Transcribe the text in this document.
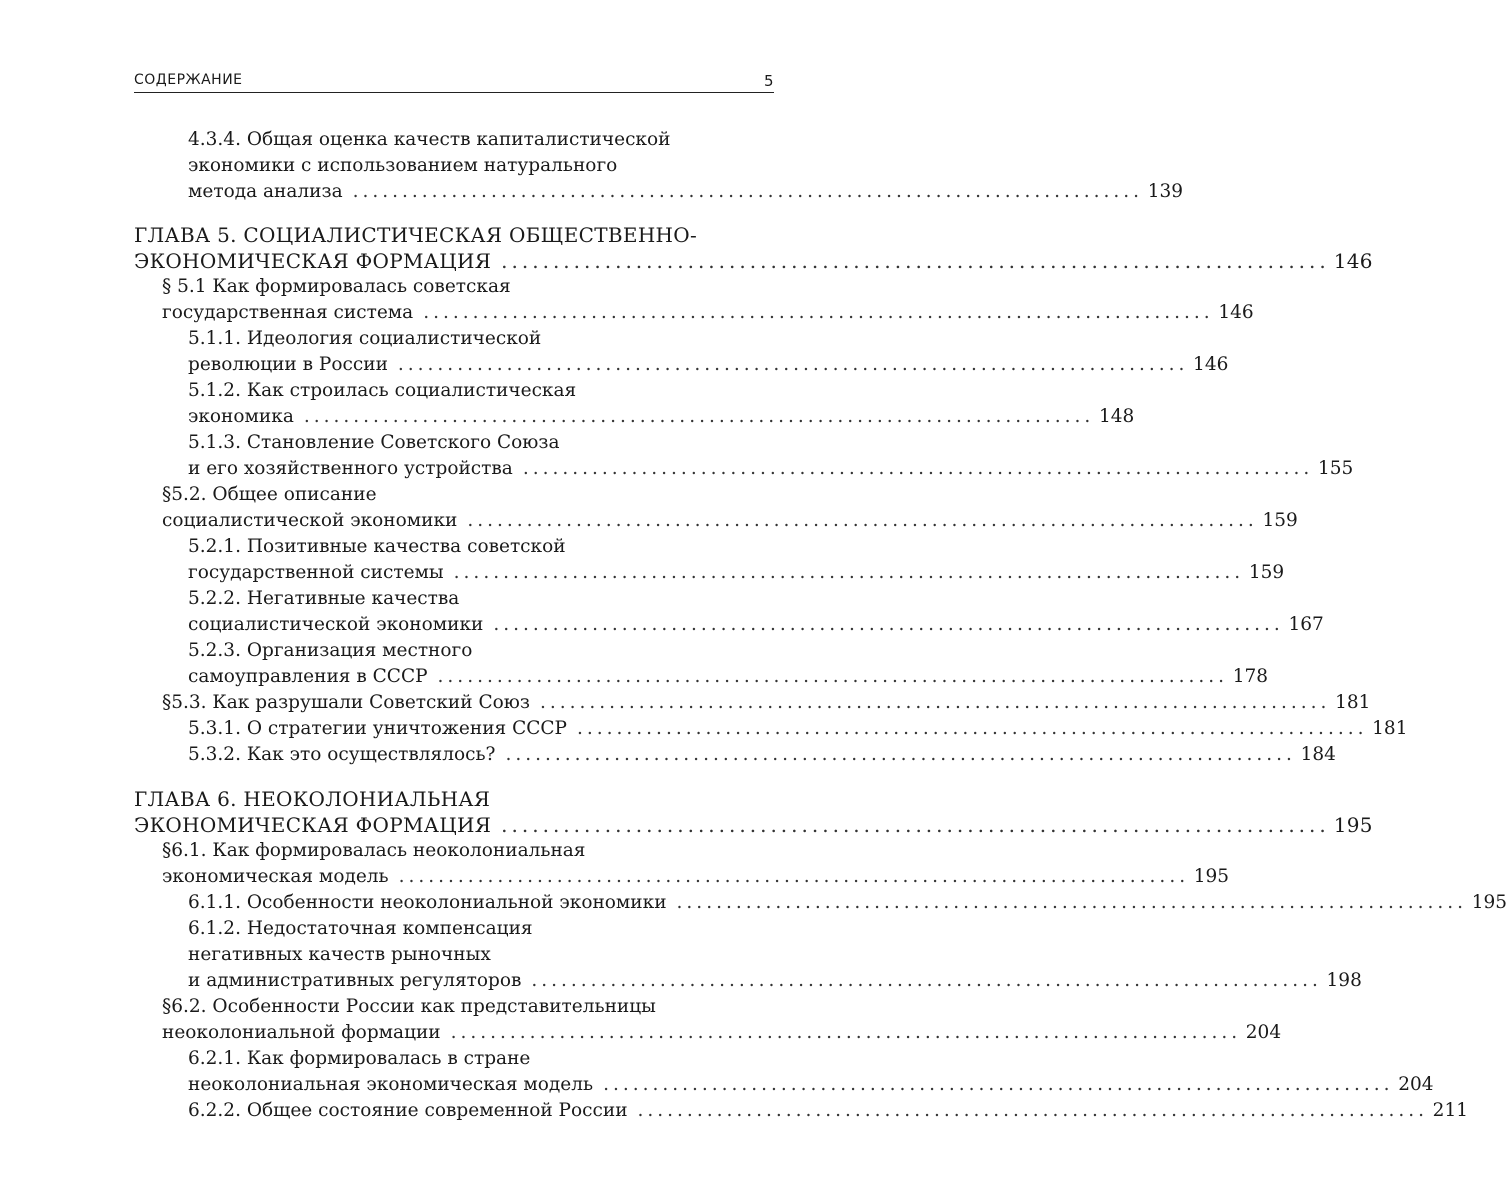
СОДЕРЖАНИЕ	5
4.3.4. Общая оценка качеств капиталистической
экономики с использованием натурального
метода анализа ................................................................................ 139
ГЛАВА 5. СОЦИАЛИСТИЧЕСКАЯ ОБЩЕСТВЕННО-
ЭКОНОМИЧЕСКАЯ ФОРМАЦИЯ ................................................................................ 146
§ 5.1 Как формировалась советская
государственная система ................................................................................ 146
5.1.1. Идеология социалистической
революции в России ................................................................................ 146
5.1.2. Как строилась социалистическая
экономика ................................................................................ 148
5.1.3. Становление Советского Союза
и его хозяйственного устройства ................................................................................ 155
§5.2. Общее описание
социалистической экономики ................................................................................ 159
5.2.1. Позитивные качества советской
государственной системы ................................................................................ 159
5.2.2. Негативные качества
социалистической экономики ................................................................................ 167
5.2.3. Организация местного
самоуправления в СССР ................................................................................ 178
§5.3. Как разрушали Советский Союз ................................................................................ 181
5.3.1. О стратегии уничтожения СССР ................................................................................ 181
5.3.2. Как это осуществлялось? ................................................................................ 184
ГЛАВА 6. НЕОКОЛОНИАЛЬНАЯ
ЭКОНОМИЧЕСКАЯ ФОРМАЦИЯ ................................................................................ 195
§6.1. Как формировалась неоколониальная
экономическая модель ................................................................................ 195
6.1.1. Особенности неоколониальной экономики ................................................................................ 195
6.1.2. Недостаточная компенсация
негативных качеств рыночных
и административных регуляторов ................................................................................ 198
§6.2. Особенности России как представительницы
неоколониальной формации ................................................................................ 204
6.2.1. Как формировалась в стране
неоколониальная экономическая модель ................................................................................ 204
6.2.2. Общее состояние современной России ................................................................................ 211
